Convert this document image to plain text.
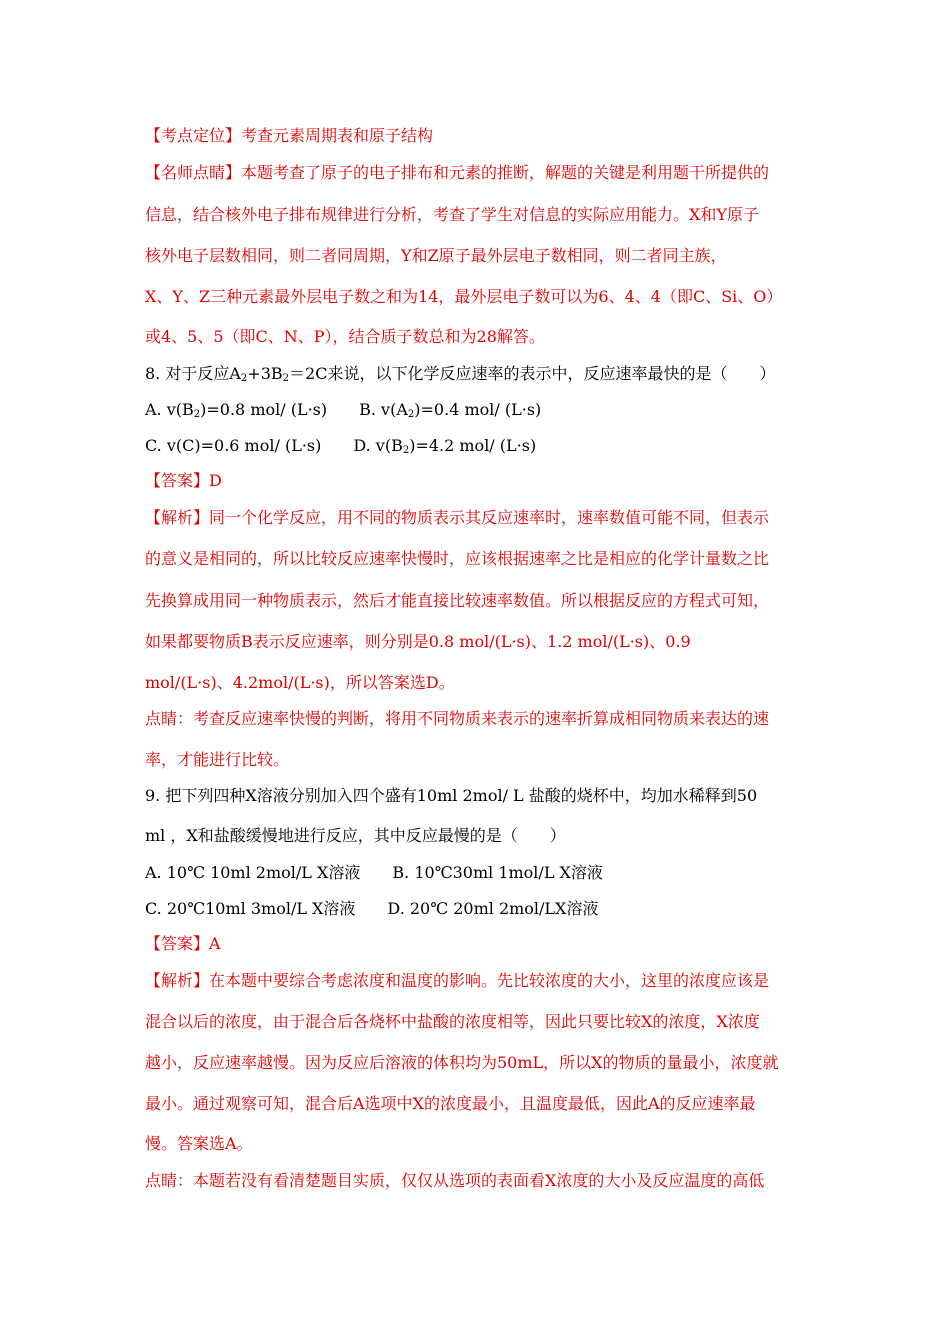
【考点定位】考查元素周期表和原子结构
【名师点睛】本题考查了原子的电子排布和元素的推断，解题的关键是利用题干所提供的
信息，结合核外电子排布规律进行分析，考查了学生对信息的实际应用能力。X和Y原子
核外电子层数相同，则二者同周期，Y和Z原子最外层电子数相同，则二者同主族，
X、Y、Z三种元素最外层电子数之和为14，最外层电子数可以为6、4、4（即C、Si、O）
或4、5、5（即C、N、P），结合质子数总和为28解答。
8. 对于反应$A_2+3B_2=2C$来说，以下化学反应速率的表示中，反应速率最快的是（　　）
A. $v(B_2)=0.8$ mol/ (L·s)　　B. $v(A_2)=0.4$ mol/ (L·s)
C. v(C)=0.6 mol/ (L·s)　　D. $v(B_2)=4.2$ mol/ (L·s)
【答案】D
【解析】同一个化学反应，用不同的物质表示其反应速率时，速率数值可能不同，但表示
的意义是相同的，所以比较反应速率快慢时，应该根据速率之比是相应的化学计量数之比
先换算成用同一种物质表示，然后才能直接比较速率数值。所以根据反应的方程式可知，
如果都要物质B表示反应速率，则分别是0.8 mol/(L·s)、1.2 mol/(L·s)、0.9
mol/(L·s)、4.2mol/(L·s)，所以答案选D。
点睛：考查反应速率快慢的判断，将用不同物质来表示的速率折算成相同物质来表达的速
率，才能进行比较。
9. 把下列四种X溶液分别加入四个盛有10ml 2mol/ L 盐酸的烧杯中，均加水稀释到50
ml ，X和盐酸缓慢地进行反应，其中反应最慢的是（　　）
A. 10℃ 10ml 2mol/L X溶液　　B. 10℃30ml 1mol/L X溶液
C. 20℃10ml 3mol/L X溶液　　D. 20℃ 20ml 2mol/LX溶液
【答案】A
【解析】在本题中要综合考虑浓度和温度的影响。先比较浓度的大小，这里的浓度应该是
混合以后的浓度，由于混合后各烧杯中盐酸的浓度相等，因此只要比较X的浓度，X浓度
越小，反应速率越慢。因为反应后溶液的体积均为50mL，所以X的物质的量最小，浓度就
最小。通过观察可知，混合后A选项中X的浓度最小，且温度最低，因此A的反应速率最
慢。答案选A。
点睛：本题若没有看清楚题目实质，仅仅从选项的表面看X浓度的大小及反应温度的高低
